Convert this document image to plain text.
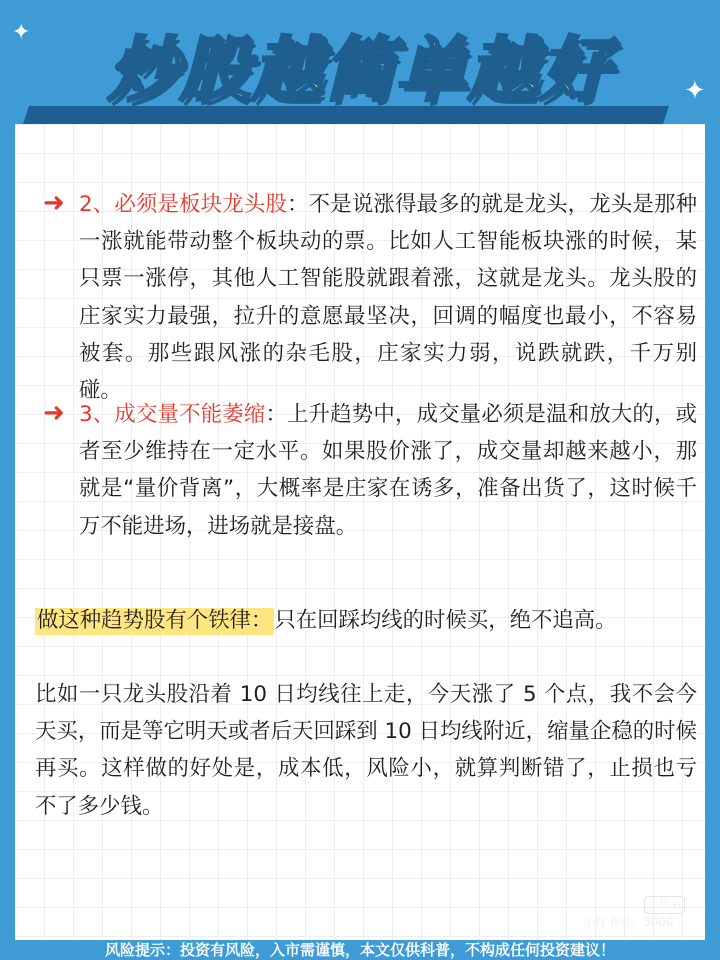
✦
✦
炒股越简单越好
➜ 2、必须是板块龙头股：不是说涨得最多的就是龙头，龙头是那种一涨就能带动整个板块动的票。比如人工智能板块涨的时候，某只票一涨停，其他人工智能股就跟着涨，这就是龙头。龙头股的庄家实力最强，拉升的意愿最坚决，回调的幅度也最小，不容易被套。那些跟风涨的杂毛股，庄家实力弱，说跌就跌，千万别碰。
➜ 3、成交量不能萎缩：上升趋势中，成交量必须是温和放大的，或者至少维持在一定水平。如果股价涨了，成交量却越来越小，那就是“量价背离”，大概率是庄家在诱多，准备出货了，这时候千万不能进场，进场就是接盘。
做这种趋势股有个铁律：只在回踩均线的时候买，绝不追高。
比如一只龙头股沿着 10 日均线往上走，今天涨了 5 个点，我不会今天买，而是等它明天或者后天回踩到 10 日均线附近，缩量企稳的时候再买。这样做的好处是，成本低，风险小，就算判断错了，止损也亏不了多少钱。
小红书
小红书号：3000...
风险提示：投资有风险，入市需谨慎，本文仅供科普，不构成任何投资建议！
